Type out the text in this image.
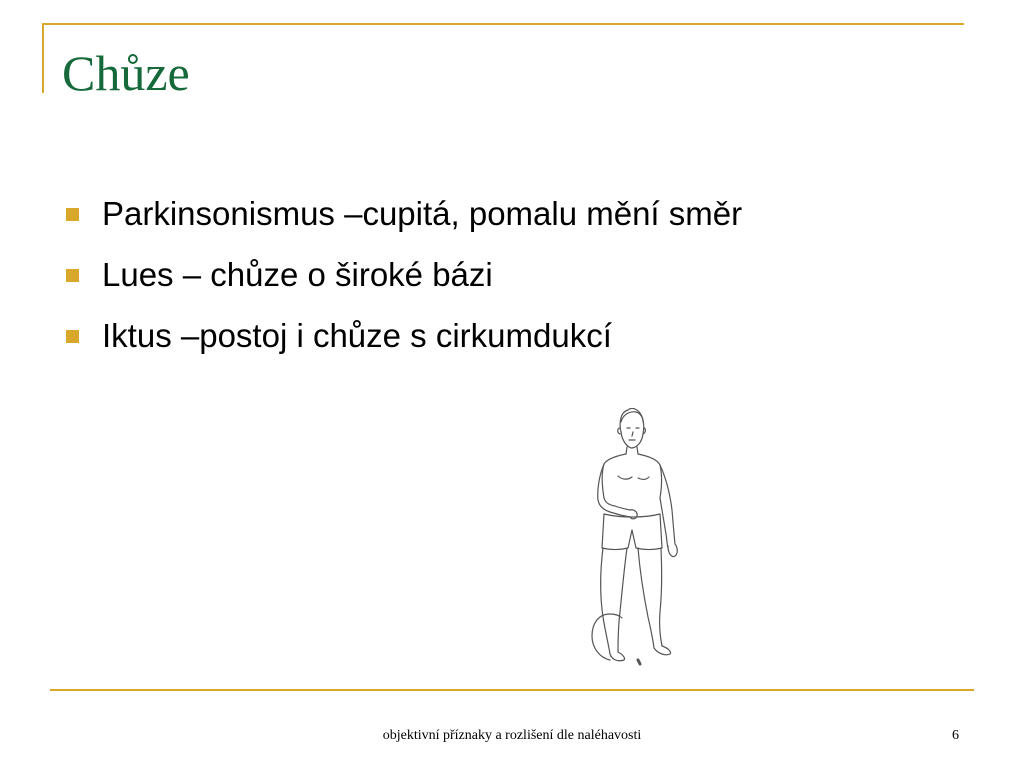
Chůze
Parkinsonismus –cupitá, pomalu mění směr
Lues – chůze o široké bázi
Iktus –postoj i chůze s cirkumdukcí
objektivní příznaky a rozlišení dle naléhavosti	6
